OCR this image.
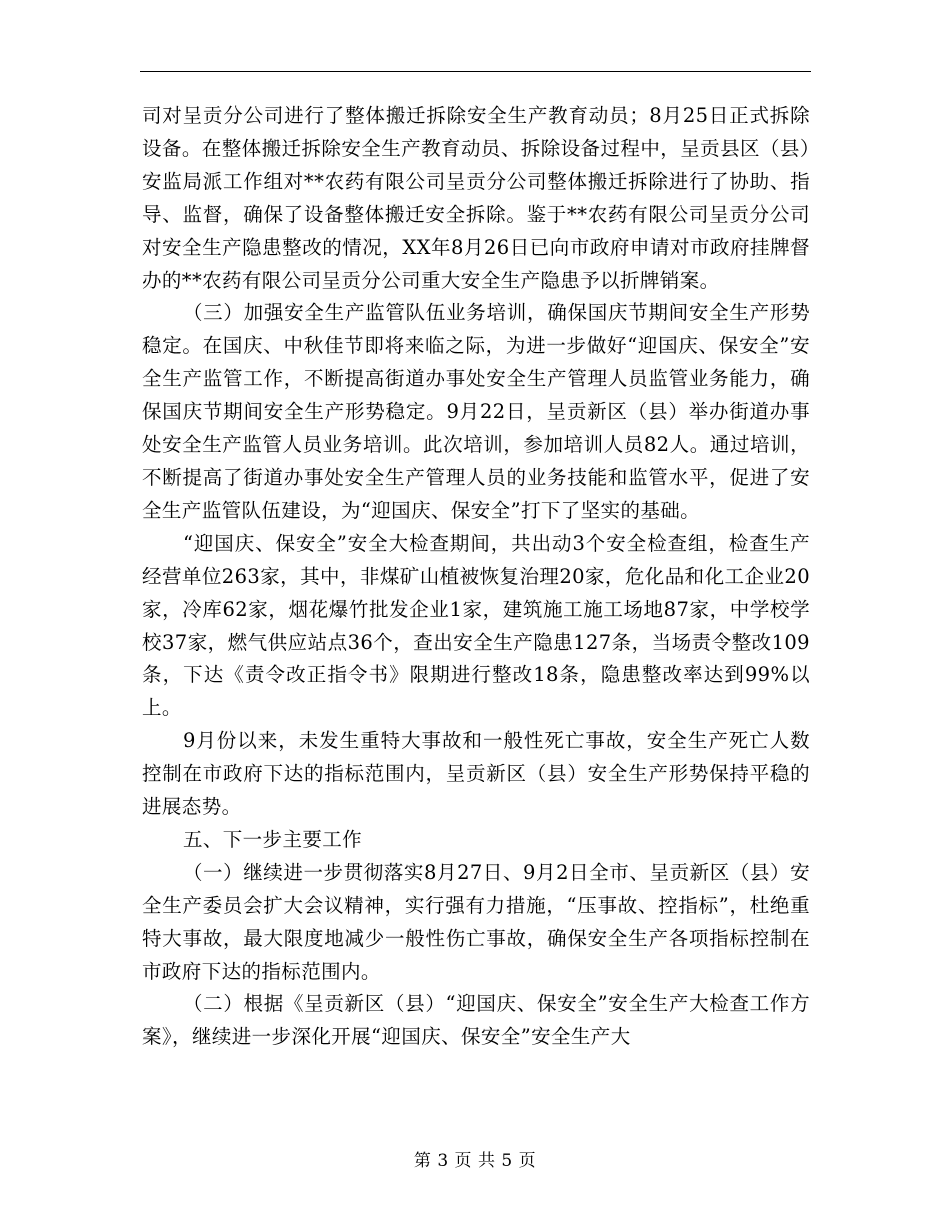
司对呈贡分公司进行了整体搬迁拆除安全生产教育动员；8月25日正式拆除设备。在整体搬迁拆除安全生产教育动员、拆除设备过程中，呈贡县区（县）安监局派工作组对**农药有限公司呈贡分公司整体搬迁拆除进行了协助、指导、监督，确保了设备整体搬迁安全拆除。鉴于**农药有限公司呈贡分公司对安全生产隐患整改的情况，XX年8月26日已向市政府申请对市政府挂牌督办的**农药有限公司呈贡分公司重大安全生产隐患予以折牌销案。

（三）加强安全生产监管队伍业务培训，确保国庆节期间安全生产形势稳定。在国庆、中秋佳节即将来临之际，为进一步做好“迎国庆、保安全”安全生产监管工作，不断提高街道办事处安全生产管理人员监管业务能力，确保国庆节期间安全生产形势稳定。9月22日，呈贡新区（县）举办街道办事处安全生产监管人员业务培训。此次培训，参加培训人员82人。通过培训，不断提高了街道办事处安全生产管理人员的业务技能和监管水平，促进了安全生产监管队伍建设，为“迎国庆、保安全”打下了坚实的基础。

“迎国庆、保安全”安全大检查期间，共出动3个安全检查组，检查生产经营单位263家，其中，非煤矿山植被恢复治理20家，危化品和化工企业20家，冷库62家，烟花爆竹批发企业1家，建筑施工施工场地87家，中学校学校37家，燃气供应站点36个，查出安全生产隐患127条，当场责令整改109条，下达《责令改正指令书》限期进行整改18条，隐患整改率达到99%以上。

9月份以来，未发生重特大事故和一般性死亡事故，安全生产死亡人数控制在市政府下达的指标范围内，呈贡新区（县）安全生产形势保持平稳的进展态势。

五、下一步主要工作

（一）继续进一步贯彻落实8月27日、9月2日全市、呈贡新区（县）安全生产委员会扩大会议精神，实行强有力措施，“压事故、控指标”，杜绝重特大事故，最大限度地减少一般性伤亡事故，确保安全生产各项指标控制在市政府下达的指标范围内。

（二）根据《呈贡新区（县）“迎国庆、保安全”安全生产大检查工作方案》，继续进一步深化开展“迎国庆、保安全”安全生产大

第 3 页 共 5 页
